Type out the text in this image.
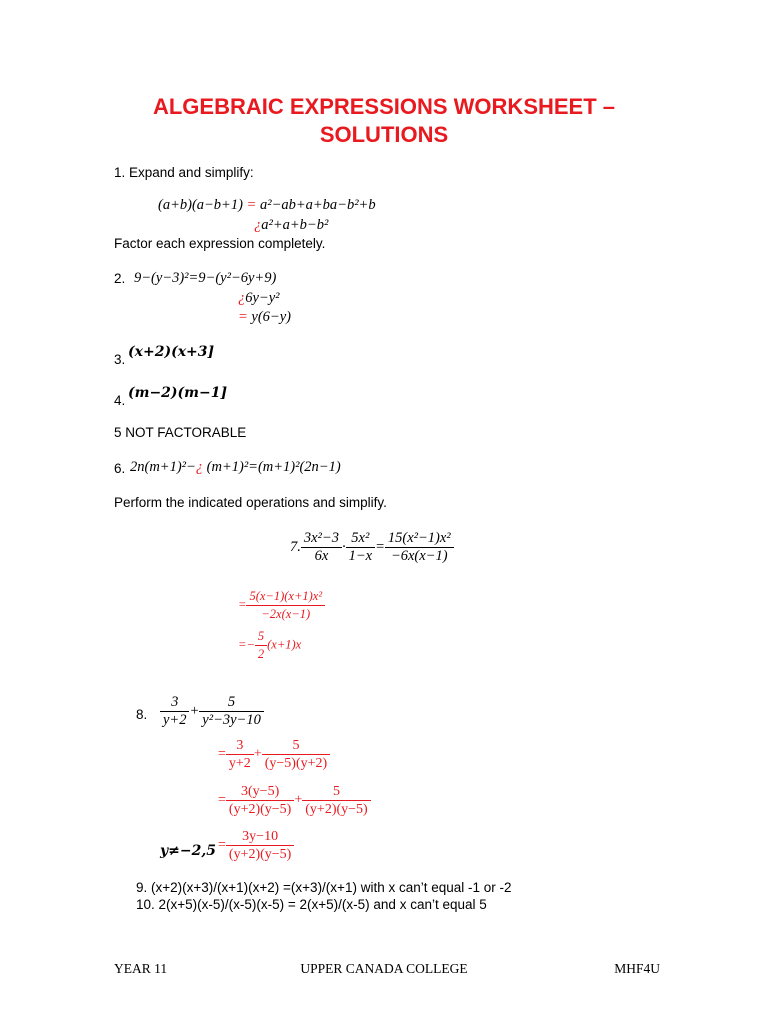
ALGEBRAIC EXPRESSIONS WORKSHEET –
SOLUTIONS
1. Expand and simplify:
(a+b)(a−b+1) = a²−ab+a+ba−b²+b
¿a²+a+b−b²
Factor each expression completely.
2. 9−(y−3)²=9−(y²−6y+9)
¿6y−y²
= y(6−y)
3. (x+2)(x+3]
4. (m−2)(m−1]
5 NOT FACTORABLE
6. 2n(m+1)²−¿ (m+1)²=(m+1)²(2n−1)
Perform the indicated operations and simplify.
7. $\frac{\text{3x²−3}}{6x} \cdot \frac{\text{5x²}}{1-x} = \frac{\text{15(x²−1)x²}}{-6x(x-1)}$
= $\frac{\text{5(x−1)(x+1)x²}}{-2x(x-1)}$
=− $\frac{5}{2} (x+1)x$
8. $\frac{3}{y+2} + \frac{5}{\text{y²−3y−10}}$
= $\frac{3}{y+2} + \frac{5}{(y-5)(y+2)}$
= $\frac{3(y-5)}{(y+2)(y-5)} + \frac{5}{(y+2)(y-5)}$
$y\ne-2,5 = \frac{3y-10}{(y+2)(y-5)}$
9. (x+2)(x+3)/(x+1)(x+2) =(x+3)/(x+1) with x can’t equal -1 or -2
10. 2(x+5)(x-5)/(x-5)(x-5) = 2(x+5)/(x-5) and x can’t equal 5
YEAR 11	UPPER CANADA COLLEGE	MHF4U
